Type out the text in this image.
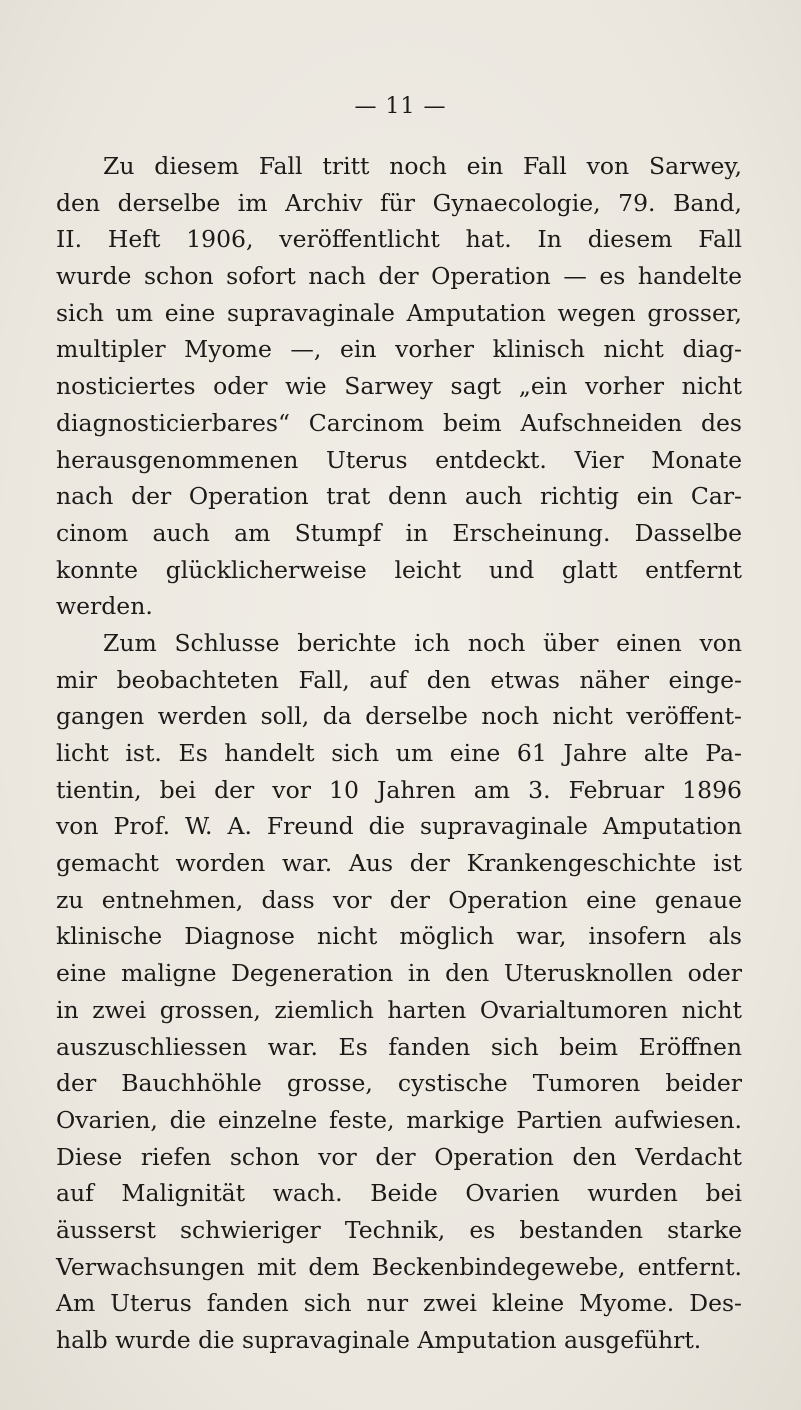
— 11 —
Zu diesem Fall tritt noch ein Fall von Sarwey,
den derselbe im Archiv für Gynaecologie, 79. Band,
II. Heft 1906, veröffentlicht hat. In diesem Fall
wurde schon sofort nach der Operation — es handelte
sich um eine supravaginale Amputation wegen grosser,
multipler Myome —, ein vorher klinisch nicht diag-
nosticiertes oder wie Sarwey sagt „ein vorher nicht
diagnosticierbares“ Carcinom beim Aufschneiden des
herausgenommenen Uterus entdeckt. Vier Monate
nach der Operation trat denn auch richtig ein Car-
cinom auch am Stumpf in Erscheinung. Dasselbe
konnte glücklicherweise leicht und glatt entfernt
werden.
Zum Schlusse berichte ich noch über einen von
mir beobachteten Fall, auf den etwas näher einge-
gangen werden soll, da derselbe noch nicht veröffent-
licht ist. Es handelt sich um eine 61 Jahre alte Pa-
tientin, bei der vor 10 Jahren am 3. Februar 1896
von Prof. W. A. Freund die supravaginale Amputation
gemacht worden war. Aus der Krankengeschichte ist
zu entnehmen, dass vor der Operation eine genaue
klinische Diagnose nicht möglich war, insofern als
eine maligne Degeneration in den Uterusknollen oder
in zwei grossen, ziemlich harten Ovarialtumoren nicht
auszuschliessen war. Es fanden sich beim Eröffnen
der Bauchhöhle grosse, cystische Tumoren beider
Ovarien, die einzelne feste, markige Partien aufwiesen.
Diese riefen schon vor der Operation den Verdacht
auf Malignität wach. Beide Ovarien wurden bei
äusserst schwieriger Technik, es bestanden starke
Verwachsungen mit dem Beckenbindegewebe, entfernt.
Am Uterus fanden sich nur zwei kleine Myome. Des-
halb wurde die supravaginale Amputation ausgeführt.
